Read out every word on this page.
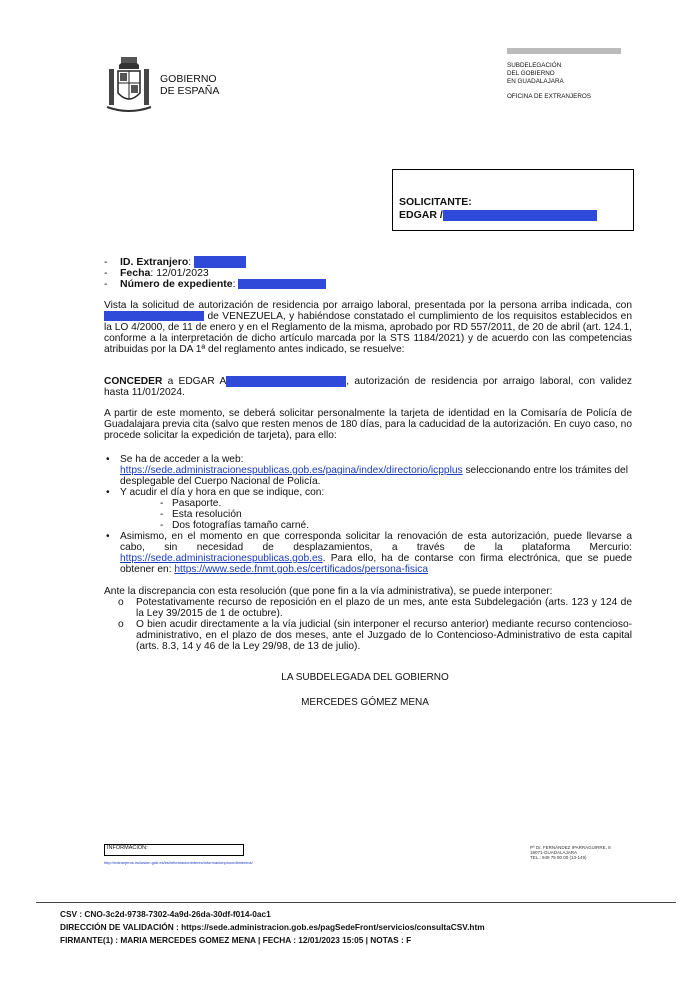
GOBIERNO
DE ESPAÑA
SUBDELEGACIÓN
DEL GOBIERNO
EN GUADALAJARA
OFICINA DE EXTRANJEROS
SOLICITANTE:
EDGAR /
- ID. Extranjero:
- Fecha: 12/01/2023
- Número de expediente:
Vista la solicitud de autorización de residencia por arraigo laboral, presentada por la persona arriba indicada, con  de VENEZUELA, y habiéndose constatado el cumplimiento de los requisitos establecidos en la LO 4/2000, de 11 de enero y en el Reglamento de la misma, aprobado por RD 557/2011, de 20 de abril (art. 124.1, conforme a la interpretación de dicho artículo marcada por la STS 1184/2021) y de acuerdo con las competencias atribuidas por la DA 1ª del reglamento antes indicado, se resuelve:
CONCEDER a EDGAR A	, autorización de residencia por arraigo laboral, con validez hasta 11/01/2024.
A partir de este momento, se deberá solicitar personalmente la tarjeta de identidad en la Comisaría de Policía de Guadalajara previa cita (salvo que resten menos de 180 días, para la caducidad de la autorización. En cuyo caso, no procede solicitar la expedición de tarjeta), para ello:
• Se ha de acceder a la web:
https://sede.administracionespublicas.gob.es/pagina/index/directorio/icpplus seleccionando entre los trámites del desplegable del Cuerpo Nacional de Policía.
• Y acudir el día y hora en que se indique, con:
- Pasaporte.
- Esta resolución
- Dos fotografías tamaño carné.
• Asimismo, en el momento en que corresponda solicitar la renovación de esta autorización, puede llevarse a cabo, sin necesidad de desplazamientos, a través de la plataforma Mercurio: https://sede.administracionespublicas.gob.es. Para ello, ha de contarse con firma electrónica, que se puede obtener en: https://www.sede.fnmt.gob.es/certificados/persona-fisica
Ante la discrepancia con esta resolución (que pone fin a la vía administrativa), se puede interponer:
o Potestativamente recurso de reposición en el plazo de un mes, ante esta Subdelegación (arts. 123 y 124 de la Ley 39/2015 de 1 de octubre).
o O bien acudir directamente a la vía judicial (sin interponer el recurso anterior) mediante recurso contencioso-administrativo, en el plazo de dos meses, ante el Juzgado de lo Contencioso-Administrativo de esta capital (arts. 8.3, 14 y 46 de la Ley 29/98, de 13 de julio).
LA SUBDELEGADA DEL GOBIERNO
MERCEDES GÓMEZ MENA
INFORMACION:
http://extranjeros.inclusion.gob.es/es/informacioninteres/informacionprocedimientos/
Pº Dr. FERNÁNDEZ IPARRAGUIRRE, 8
19071-GUADALAJARA
TEL.: 949 75 90 00 (13-149)
CSV : CNO-3c2d-9738-7302-4a9d-26da-30df-f014-0ac1
DIRECCIÓN DE VALIDACIÓN : https://sede.administracion.gob.es/pagSedeFront/servicios/consultaCSV.htm
FIRMANTE(1) : MARIA MERCEDES GOMEZ MENA | FECHA : 12/01/2023 15:05 | NOTAS : F
